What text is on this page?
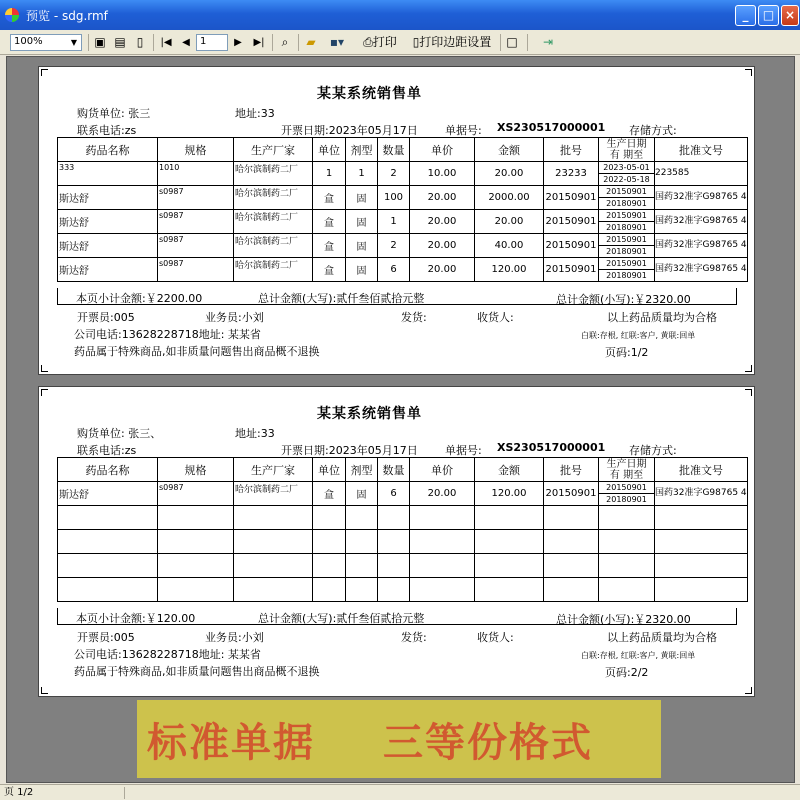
预览 - sdg.rmf	_	□ ×
100%	▼	▣ ▤ ▯	|◀ ◀	1	▶ ▶|	⌕	▰	▪▾	⎙打印	▯打印边距设置 □ ⇥
某某系统销售单
购货单位: 张三	地址:33
联系电话:zs	开票日期:2023年05月17日 单据号: XS230517000001 存储方式:
药品名称	规格	生产厂家	单位	剂型	数量	单价	金额	批号	生产日期 有 期至	批准文号
333	1010	哈尔滨制药二厂	1	1	2	10.00	20.00	23233	2023-05-01
2022-05-18	223585
斯达舒	s0987	哈尔滨制药二厂	盒	固	100	20.00	2000.00	20150901	20150901
20180901	国药32准字G98765 4
斯达舒	s0987	哈尔滨制药二厂	盒	固	1	20.00	20.00	20150901	20150901
20180901	国药32准字G98765 4
斯达舒	s0987	哈尔滨制药二厂	盒	固	2	20.00	40.00	20150901	20150901
20180901	国药32准字G98765 4
斯达舒	s0987	哈尔滨制药二厂	盒	固	6	20.00	120.00	20150901	20150901
20180901	国药32准字G98765 4
本页小计金额:￥2200.00	总计金额(大写):贰仟叁佰贰拾元整	总计金额(小写):￥2320.00
开票员:005	业务员:小刘	发货:	收货人:	以上药品质量均为合格
公司电话:13628228718地址: 某某省	白联:存根, 红联:客户, 黄联:回单
药品属于特殊商品,如非质量问题售出商品概不退换	页码:1/2
某某系统销售单
购货单位: 张三、	地址:33
联系电话:zs	开票日期:2023年05月17日 单据号: XS230517000001 存储方式:
药品名称	规格	生产厂家	单位	剂型	数量	单价	金额	批号	生产日期 有 期至	批准文号
斯达舒	s0987	哈尔滨制药二厂	盒	固	6	20.00	120.00	20150901	20150901
20180901	国药32准字G98765 4

本页小计金额:￥120.00	总计金额(大写):贰仟叁佰贰拾元整	总计金额(小写):￥2320.00
开票员:005	业务员:小刘	发货:	收货人:	以上药品质量均为合格
公司电话:13628228718地址: 某某省	白联:存根, 红联:客户, 黄联:回单
药品属于特殊商品,如非质量问题售出商品概不退换	页码:2/2
标准单据 三等份格式
页 1/2
